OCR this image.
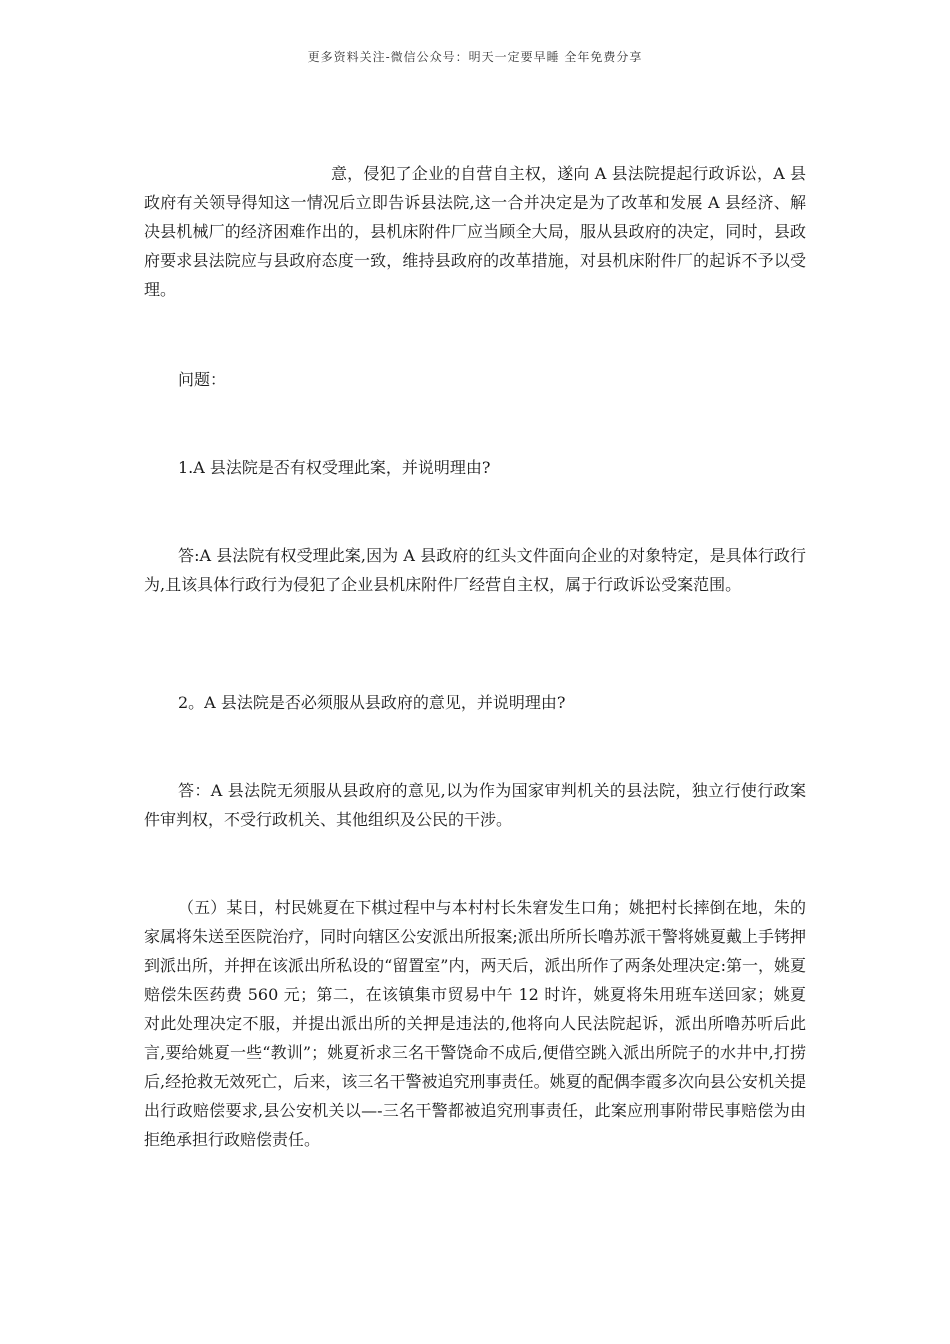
更多资料关注-微信公众号：明天一定要早睡 全年免费分享

意，侵犯了企业的自营自主权，遂向 A 县法院提起行政诉讼，A 县政府有关领导得知这一情况后立即告诉县法院,这一合并决定是为了改革和发展 A 县经济、解决县机械厂的经济困难作出的，县机床附件厂应当顾全大局，服从县政府的决定，同时，县政府要求县法院应与县政府态度一致，维持县政府的改革措施，对县机床附件厂的起诉不予以受理。

问题：

1.A 县法院是否有权受理此案，并说明理由?

答:A 县法院有权受理此案,因为 A 县政府的红头文件面向企业的对象特定，是具体行政行为,且该具体行政行为侵犯了企业县机床附件厂经营自主权，属于行政诉讼受案范围。

2。A 县法院是否必须服从县政府的意见，并说明理由?

答：A 县法院无须服从县政府的意见,以为作为国家审判机关的县法院，独立行使行政案件审判权，不受行政机关、其他组织及公民的干涉。

（五）某日，村民姚夏在下棋过程中与本村村长朱窘发生口角；姚把村长摔倒在地，朱的家属将朱送至医院治疗，同时向辖区公安派出所报案;派出所所长噜苏派干警将姚夏戴上手铐押到派出所，并押在该派出所私设的“留置室”内，两天后，派出所作了两条处理决定:第一，姚夏赔偿朱医药费 560 元；第二，在该镇集市贸易中午 12 时许，姚夏将朱用班车送回家；姚夏对此处理决定不服，并提出派出所的关押是违法的,他将向人民法院起诉，派出所噜苏听后此言,要给姚夏一些“教训”；姚夏祈求三名干警饶命不成后,便借空跳入派出所院子的水井中,打捞后,经抢救无效死亡，后来，该三名干警被追究刑事责任。姚夏的配偶李霞多次向县公安机关提出行政赔偿要求,县公安机关以—-三名干警都被追究刑事责任，此案应刑事附带民事赔偿为由拒绝承担行政赔偿责任。
